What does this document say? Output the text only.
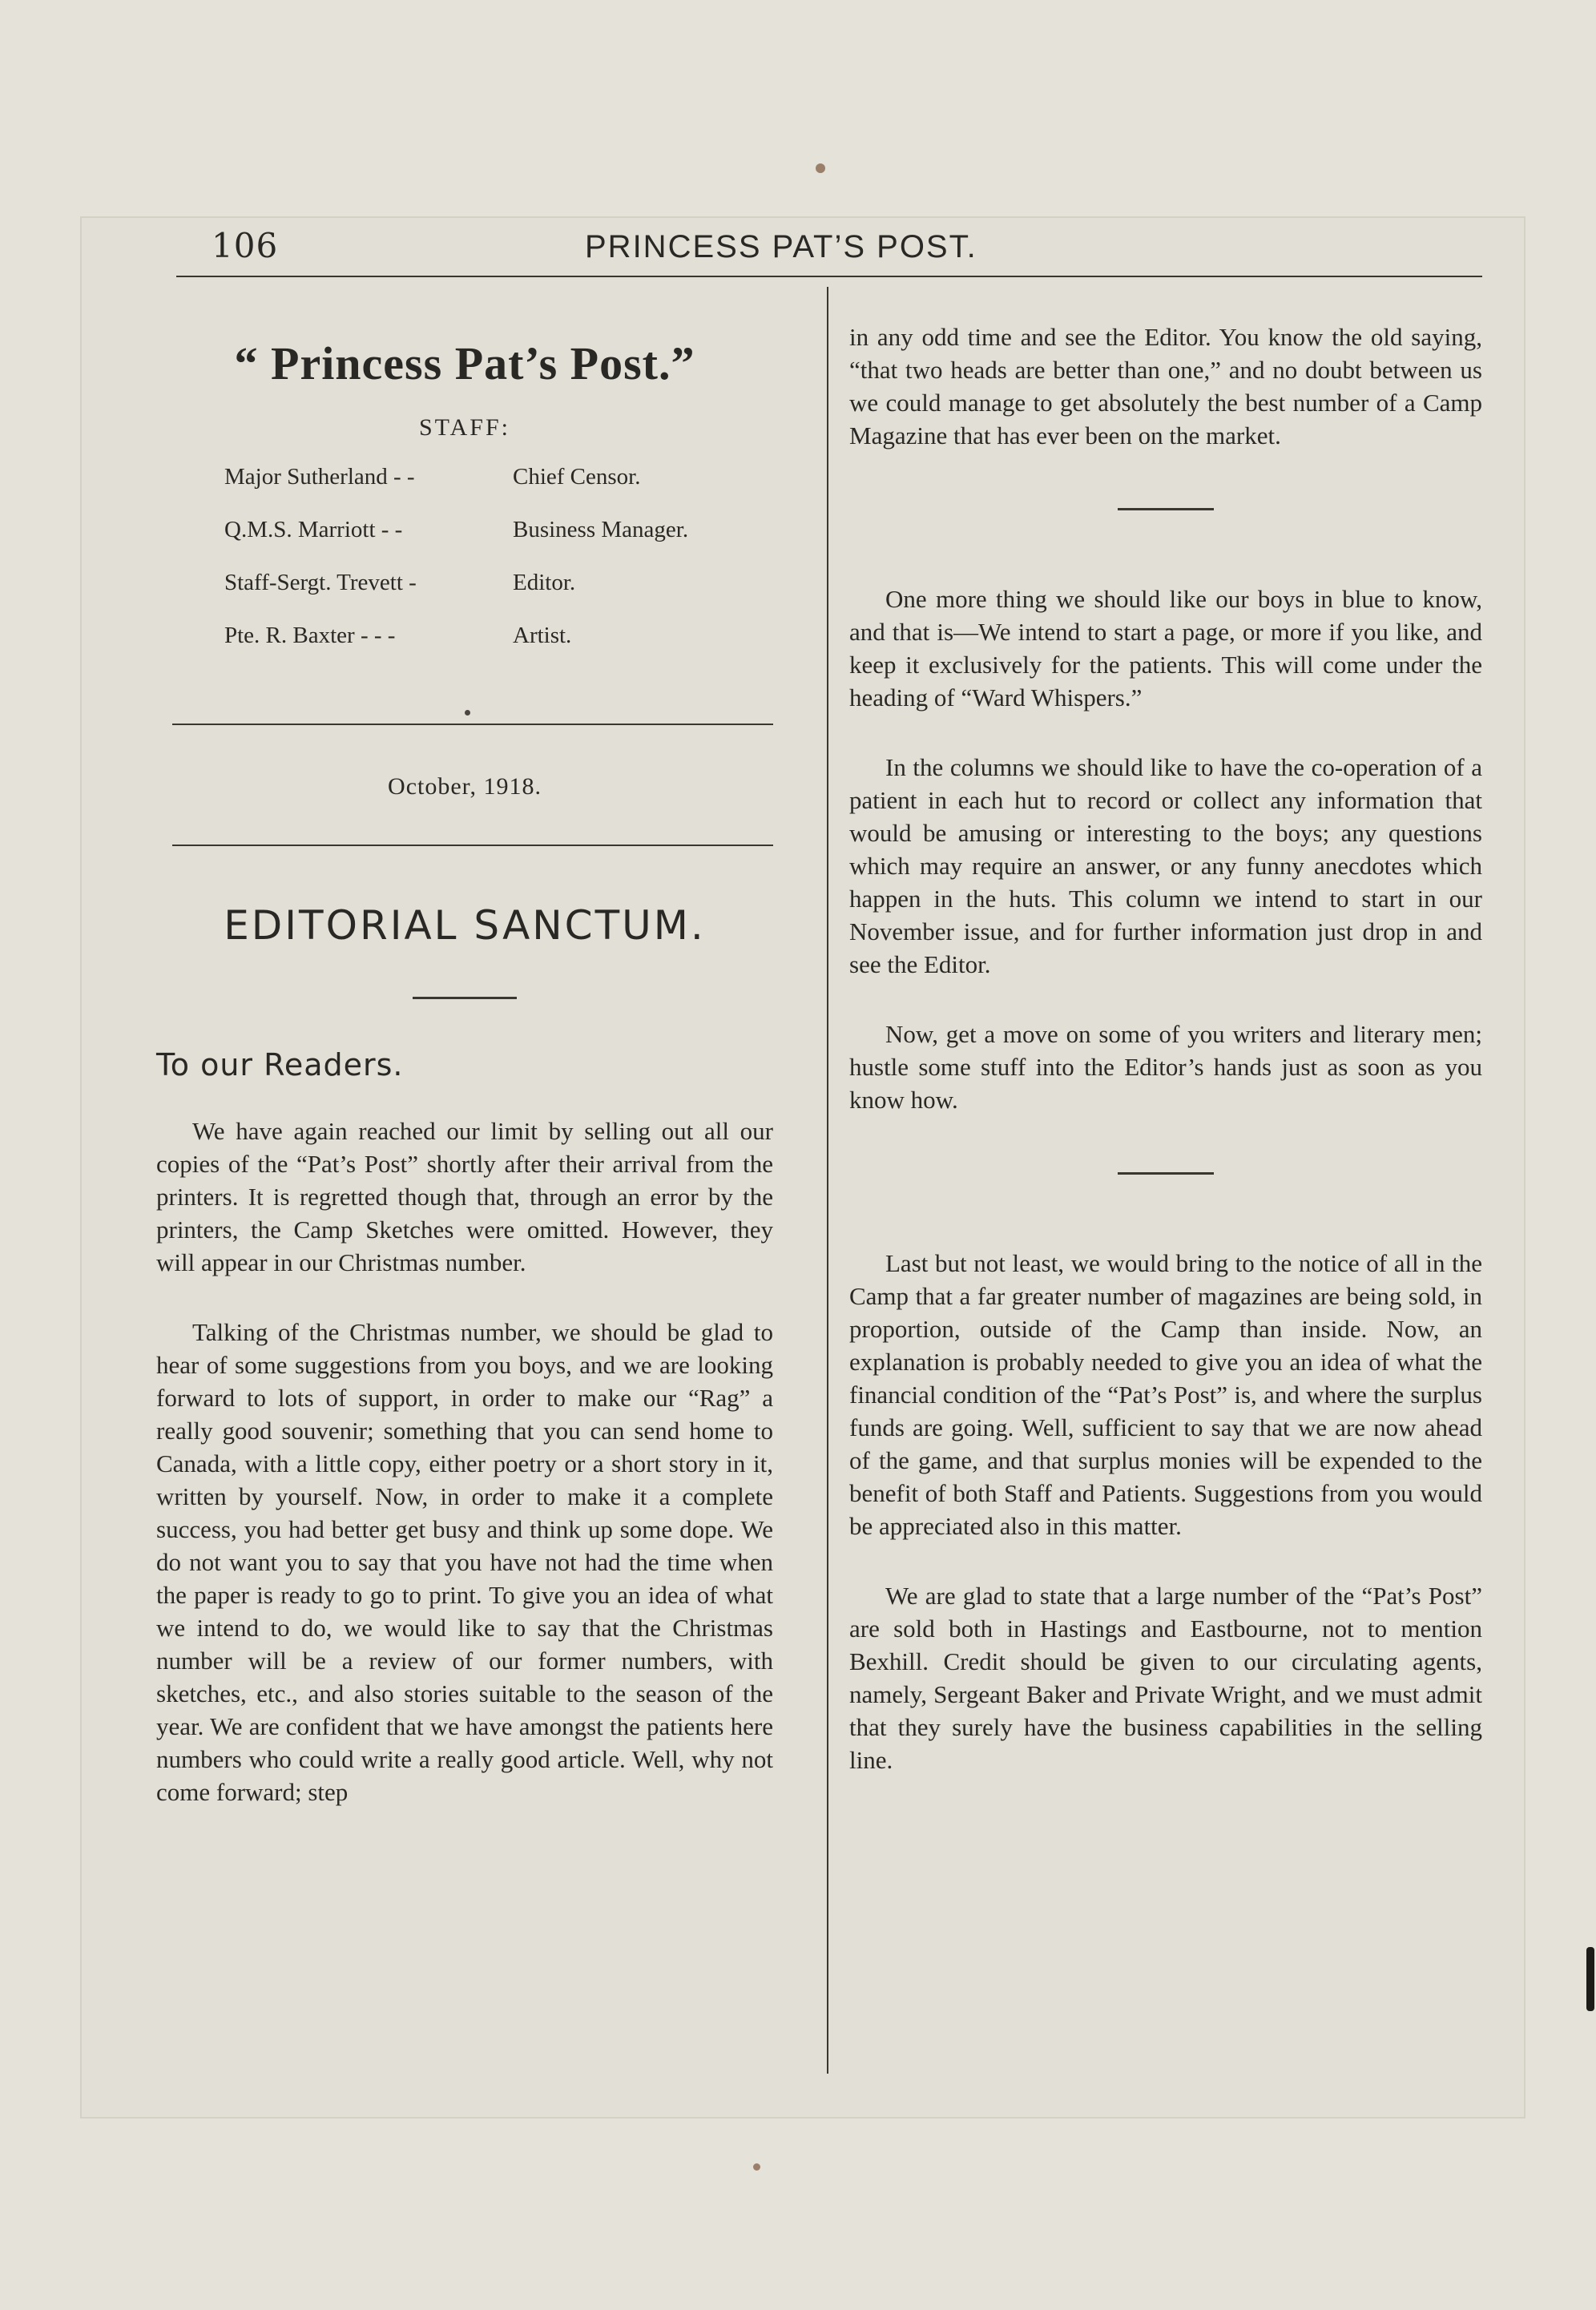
106	PRINCESS PAT’S POST.
“ Princess Pat’s Post.”
STAFF:
Major Sutherland - -	Chief Censor.
Q.M.S. Marriott - -	Business Manager.
Staff-Sergt. Trevett -	Editor.
Pte. R. Baxter - - -	Artist.
October, 1918.
EDITORIAL SANCTUM.
To our Readers.

We have again reached our limit by selling out all our copies of the “Pat’s Post” shortly after their arrival from the printers. It is regretted though that, through an error by the printers, the Camp Sketches were omitted. However, they will appear in our Christmas number.

Talking of the Christmas number, we should be glad to hear of some suggestions from you boys, and we are looking forward to lots of support, in order to make our “Rag” a really good souvenir; something that you can send home to Canada, with a little copy, either poetry or a short story in it, written by yourself. Now, in order to make it a complete success, you had better get busy and think up some dope. We do not want you to say that you have not had the time when the paper is ready to go to print. To give you an idea of what we intend to do, we would like to say that the Christmas number will be a review of our former numbers, with sketches, etc., and also stories suitable to the season of the year. We are confident that we have amongst the patients here numbers who could write a really good article. Well, why not come forward; step

in any odd time and see the Editor. You know the old saying, “that two heads are better than one,” and no doubt between us we could manage to get absolutely the best number of a Camp Magazine that has ever been on the market.

One more thing we should like our boys in blue to know, and that is—We intend to start a page, or more if you like, and keep it exclusively for the patients. This will come under the heading of “Ward Whispers.”

In the columns we should like to have the co-operation of a patient in each hut to record or collect any information that would be amusing or interesting to the boys; any questions which may require an answer, or any funny anecdotes which happen in the huts. This column we intend to start in our November issue, and for further information just drop in and see the Editor.

Now, get a move on some of you writers and literary men; hustle some stuff into the Editor’s hands just as soon as you know how.

Last but not least, we would bring to the notice of all in the Camp that a far greater number of magazines are being sold, in proportion, outside of the Camp than inside. Now, an explanation is probably needed to give you an idea of what the financial condition of the “Pat’s Post” is, and where the surplus funds are going. Well, sufficient to say that we are now ahead of the game, and that surplus monies will be expended to the benefit of both Staff and Patients. Suggestions from you would be appreciated also in this matter.

We are glad to state that a large number of the “Pat’s Post” are sold both in Hastings and Eastbourne, not to mention Bexhill. Credit should be given to our circulating agents, namely, Sergeant Baker and Private Wright, and we must admit that they surely have the business capabilities in the selling line.
